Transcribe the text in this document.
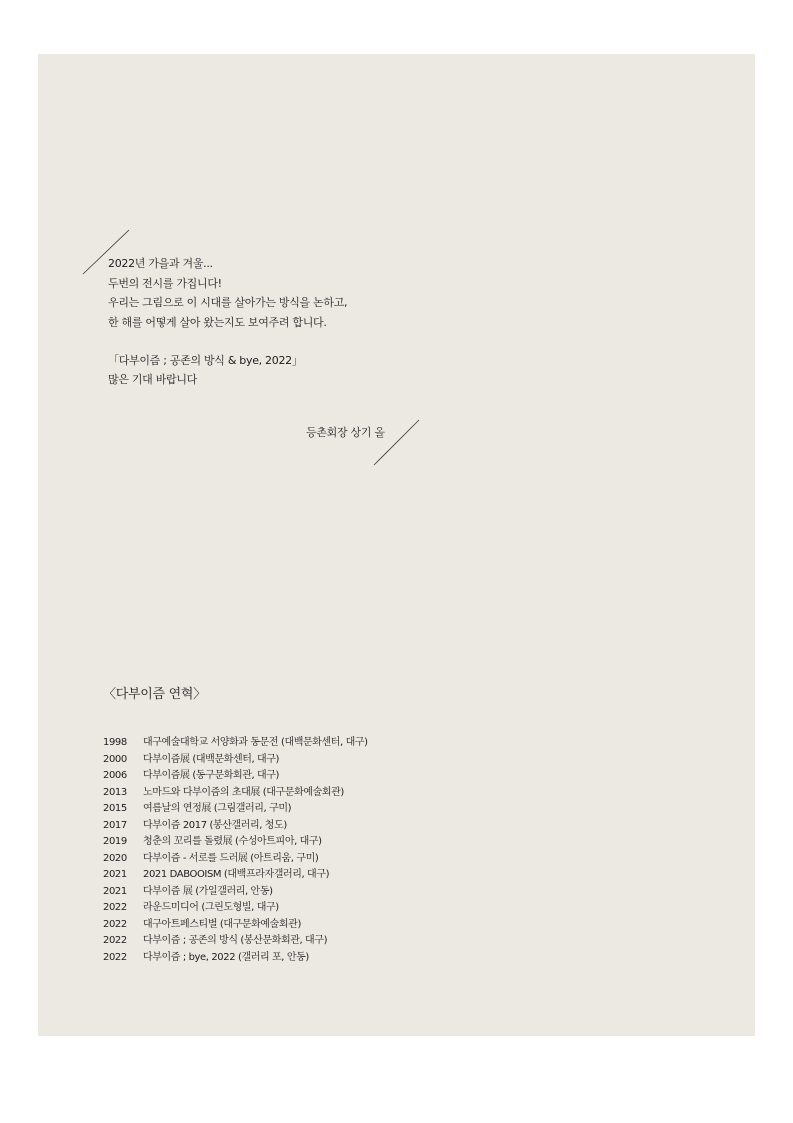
2022년 가을과 겨울...
두번의 전시를 가집니다!
우리는 그림으로 이 시대를 살아가는 방식을 논하고,
한 해를 어떻게 살아 왔는지도 보여주려 합니다.
「다부이즘 ; 공존의 방식 & bye, 2022」
많은 기대 바랍니다
등촌회장 상기 올
〈다부이즘 연혁〉
1998	대구예술대학교 서양화과 동문전 (대백문화센터, 대구)
2000	다부이즘展 (대백문화센터, 대구)
2006	다부이즘展 (동구문화회관, 대구)
2013	노마드와 다부이즘의 초대展 (대구문화예술회관)
2015	여름날의 연정展 (그림갤러리, 구미)
2017	다부이즘 2017 (봉산갤러리, 청도)
2019	청춘의 꼬리를 돌렸展 (수성아트피아, 대구)
2020	다부이즘 - 서로를 드러展 (아트리움, 구미)
2021	2021 DABOOISM (대백프라자갤러리, 대구)
2021	다부이즘 展 (가일갤러리, 안동)
2022	라운드미디어 (그린도형빌, 대구)
2022	대구아트페스티벌 (대구문화예술회관)
2022	다부이즘 ; 공존의 방식 (봉산문화회관, 대구)
2022	다부이즘 ; bye, 2022 (갤러리 포, 안동)
